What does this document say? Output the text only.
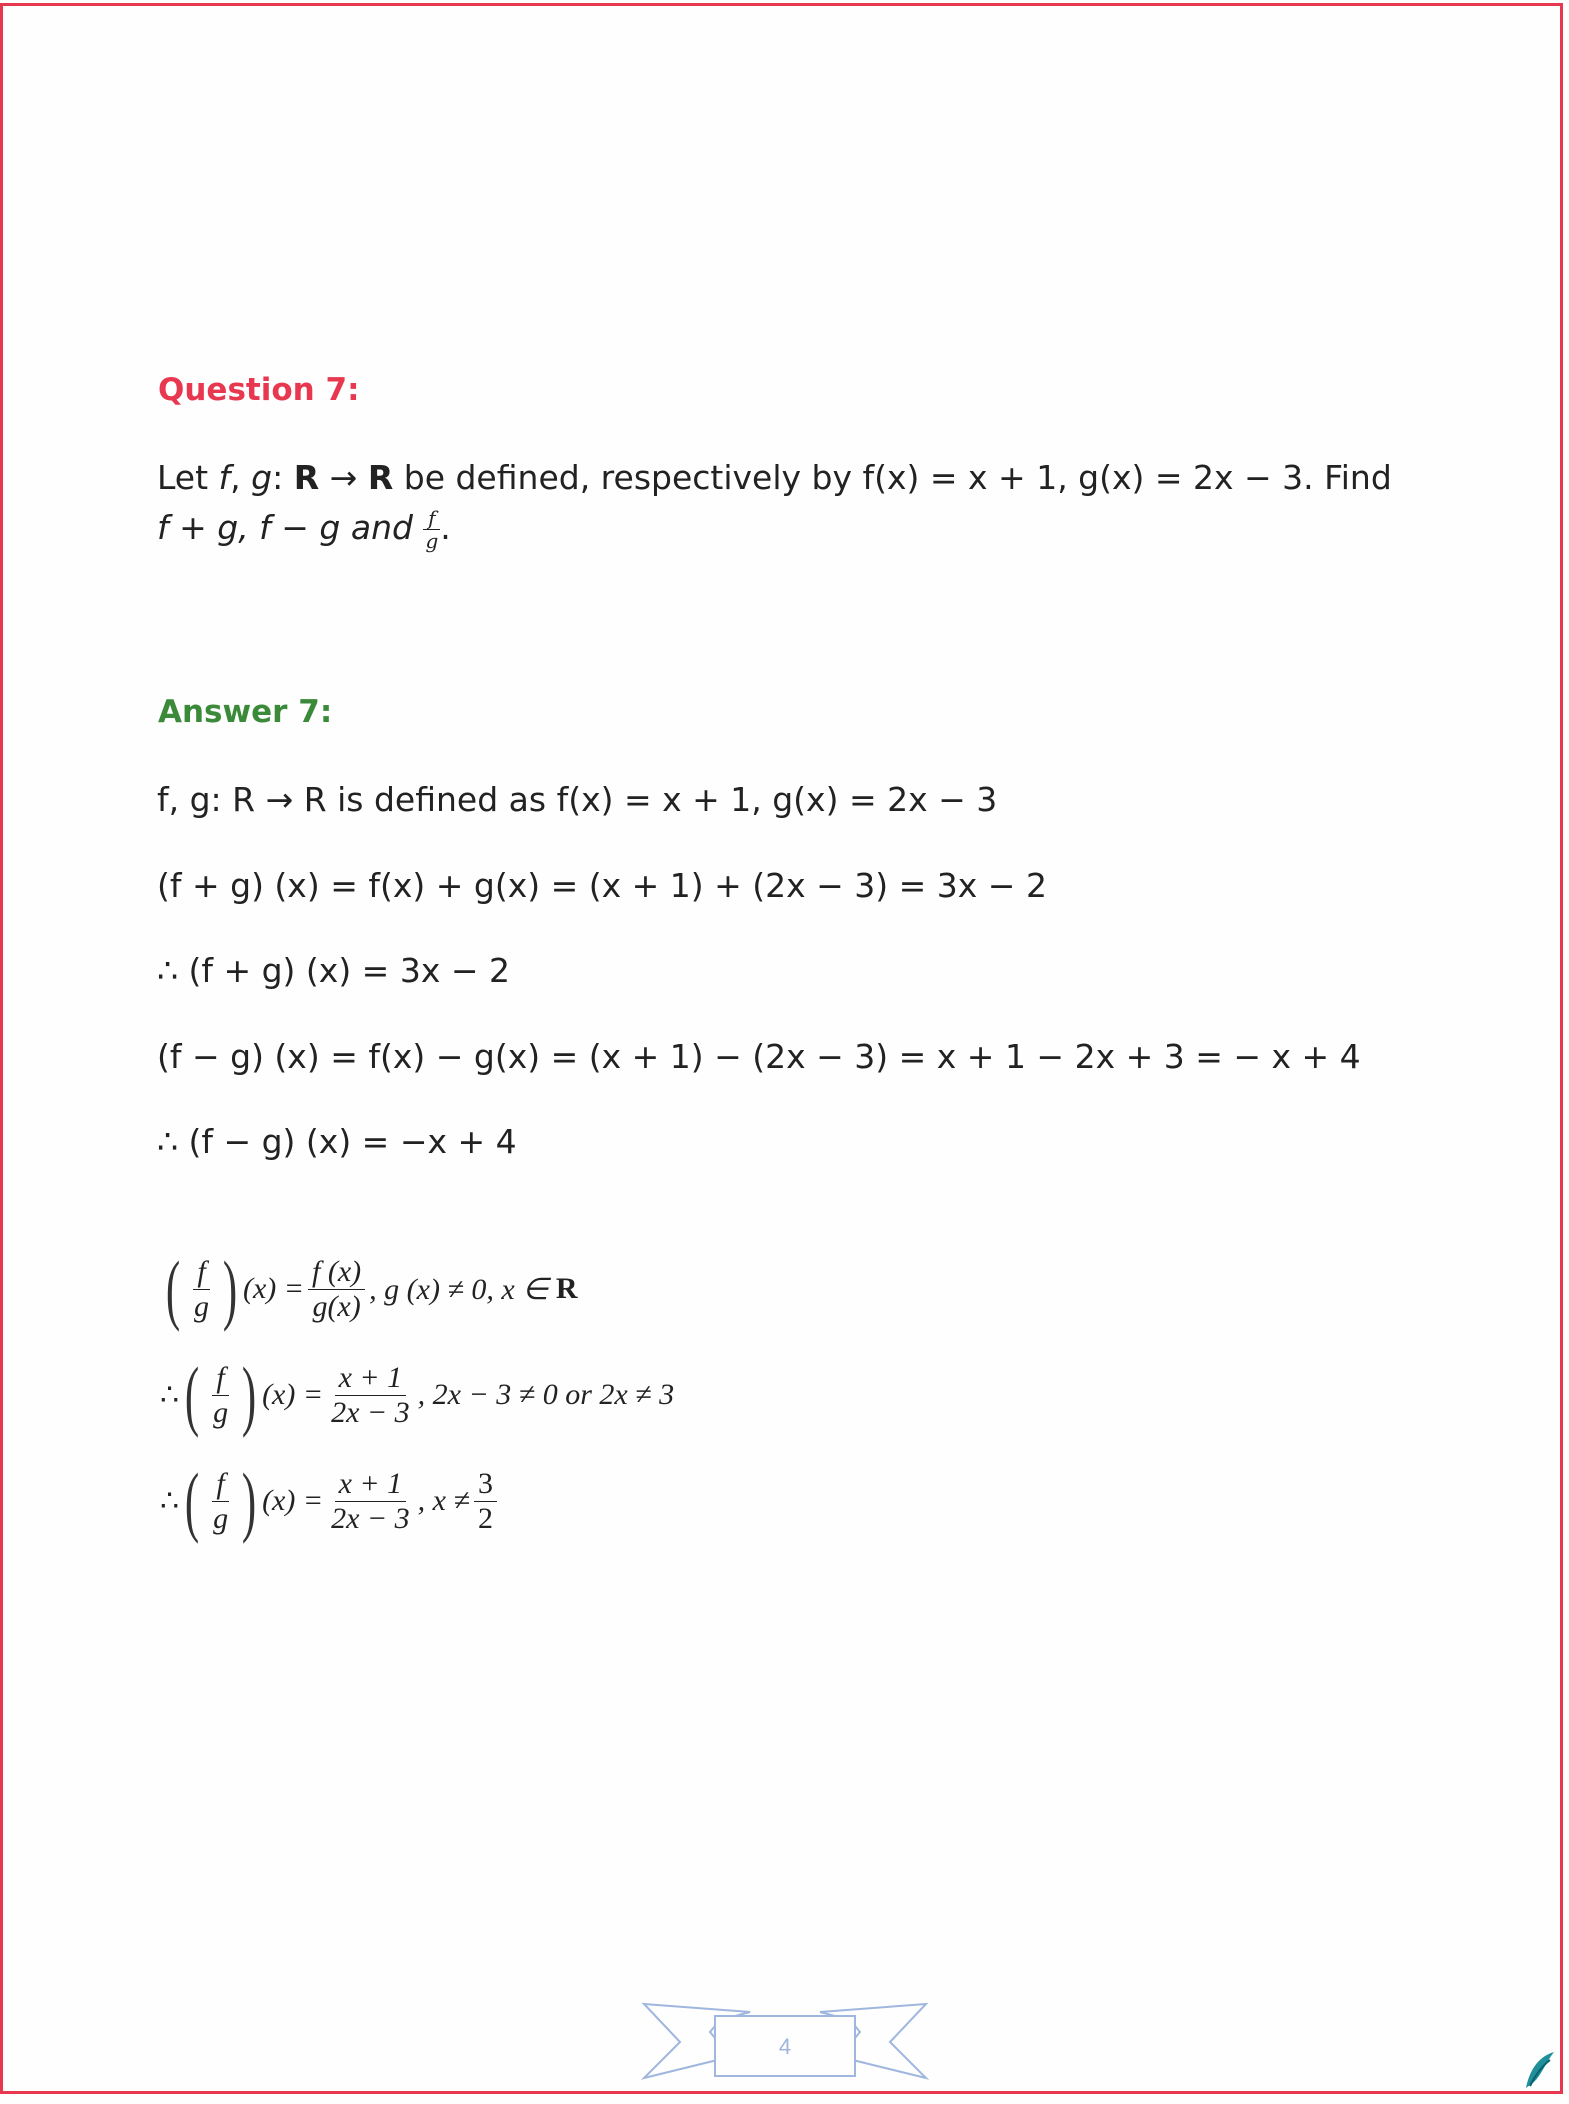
Question 7:
Let f, g: R → R be defined, respectively by f(x) = x + 1, g(x) = 2x − 3. Find
f + g, f − g and $\frac{f}{g}$ .
Answer 7:
f, g: R → R is defined as f(x) = x + 1, g(x) = 2x − 3
(f + g) (x) = f(x) + g(x) = (x + 1) + (2x − 3) = 3x − 2
∴ (f + g) (x) = 3x − 2
(f − g) (x) = f(x) − g(x) = (x + 1) − (2x − 3) = x + 1 − 2x + 3 = − x + 4
∴ (f − g) (x) = −x + 4
( f
g ) $(x) = \frac{f (x)}{g(x)}$ , g (x) ≠ 0, x ∈
R
∴ ( f
g ) $(x) = \frac{x + 1}{2x - 3}$ , 2x − 3 ≠ 0 or 2x ≠ 3
∴ ( f
g ) $(x) = \frac{x + 1}{2x - 3}$ , x ≠
3
2
4
